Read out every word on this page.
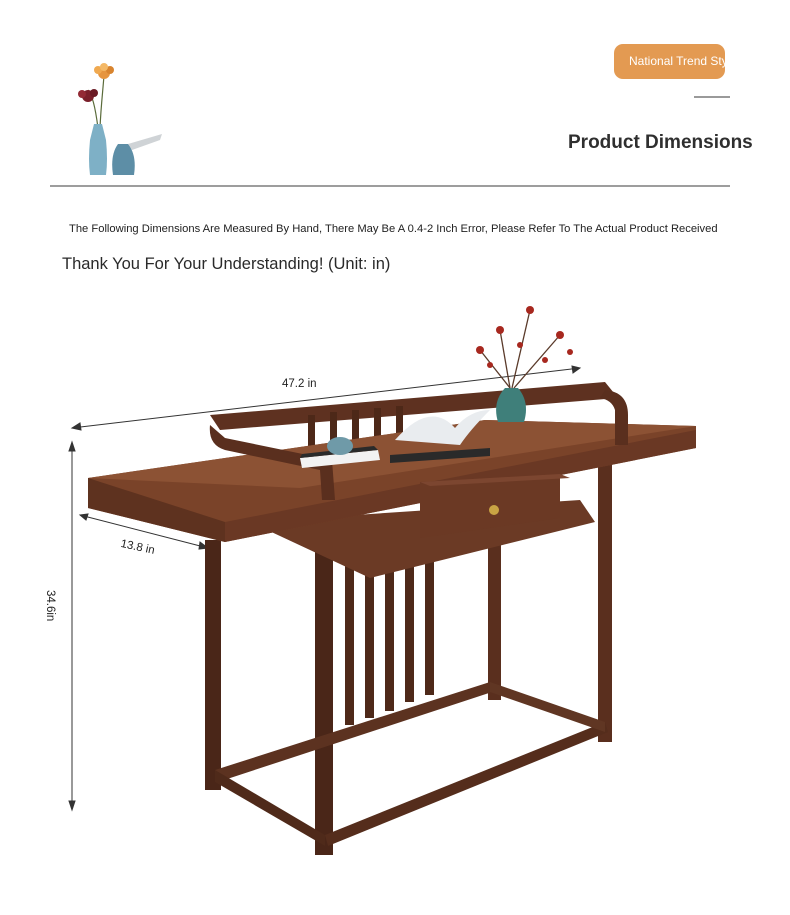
National Trend Style
Product Dimensions
The Following Dimensions Are Measured By Hand, There May Be A 0.4-2 Inch Error, Please Refer To The Actual Product Received
Thank You For Your Understanding! (Unit: in)
47.2 in
13.8 in
34.6in
